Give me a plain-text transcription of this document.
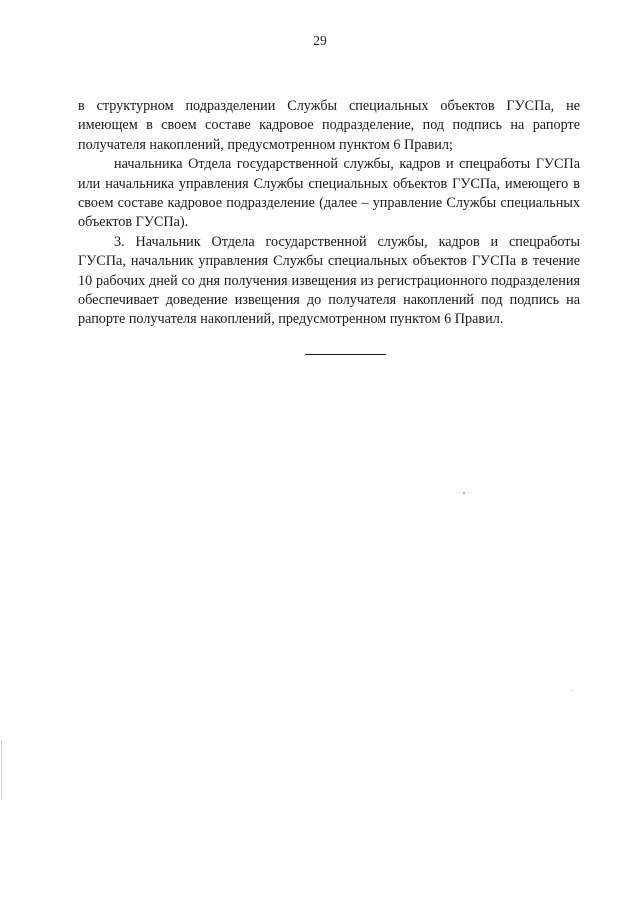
29

в структурном подразделении Службы специальных объектов ГУСПа, не имеющем в своем составе кадровое подразделение, под подпись на рапорте получателя накоплений, предусмотренном пунктом 6 Правил;

начальника Отдела государственной службы, кадров и спецработы ГУСПа или начальника управления Службы специальных объектов ГУСПа, имеющего в своем составе кадровое подразделение (далее – управление Службы специальных объектов ГУСПа).

3. Начальник Отдела государственной службы, кадров и спецработы ГУСПа, начальник управления Службы специальных объектов ГУСПа в течение 10 рабочих дней со дня получения извещения из регистрационного подразделения обеспечивает доведение извещения до получателя накоплений под подпись на рапорте получателя накоплений, предусмотренном пунктом 6 Правил.
